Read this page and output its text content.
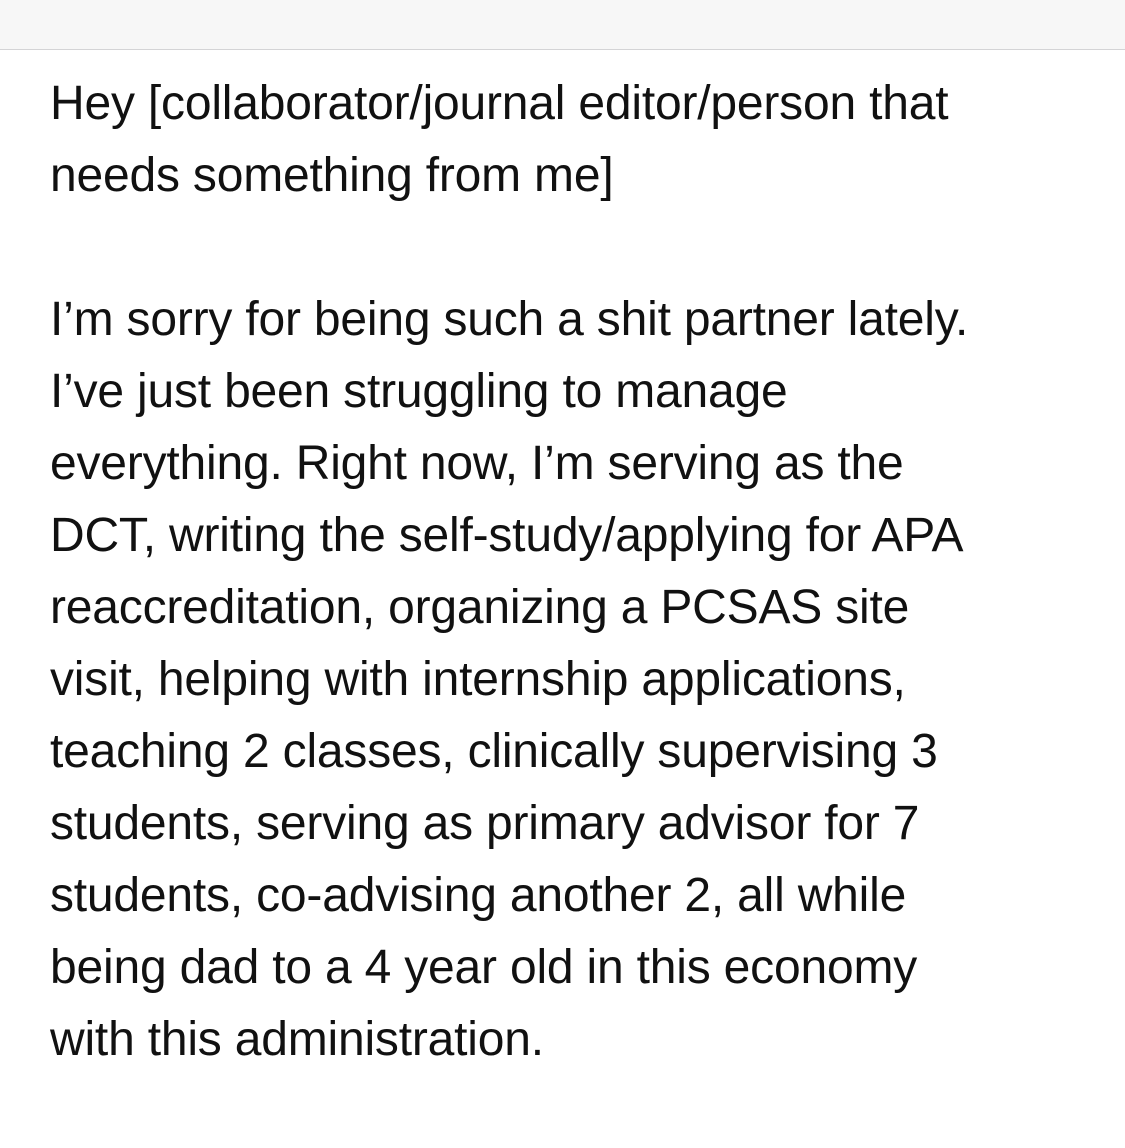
Hey [collaborator/journal editor/person that
needs something from me]
I’m sorry for being such a shit partner lately.
I’ve just been struggling to manage
everything. Right now, I’m serving as the
DCT, writing the self-study/applying for APA
reaccreditation, organizing a PCSAS site
visit, helping with internship applications,
teaching 2 classes, clinically supervising 3
students, serving as primary advisor for 7
students, co-advising another 2, all while
being dad to a 4 year old in this economy
with this administration.
